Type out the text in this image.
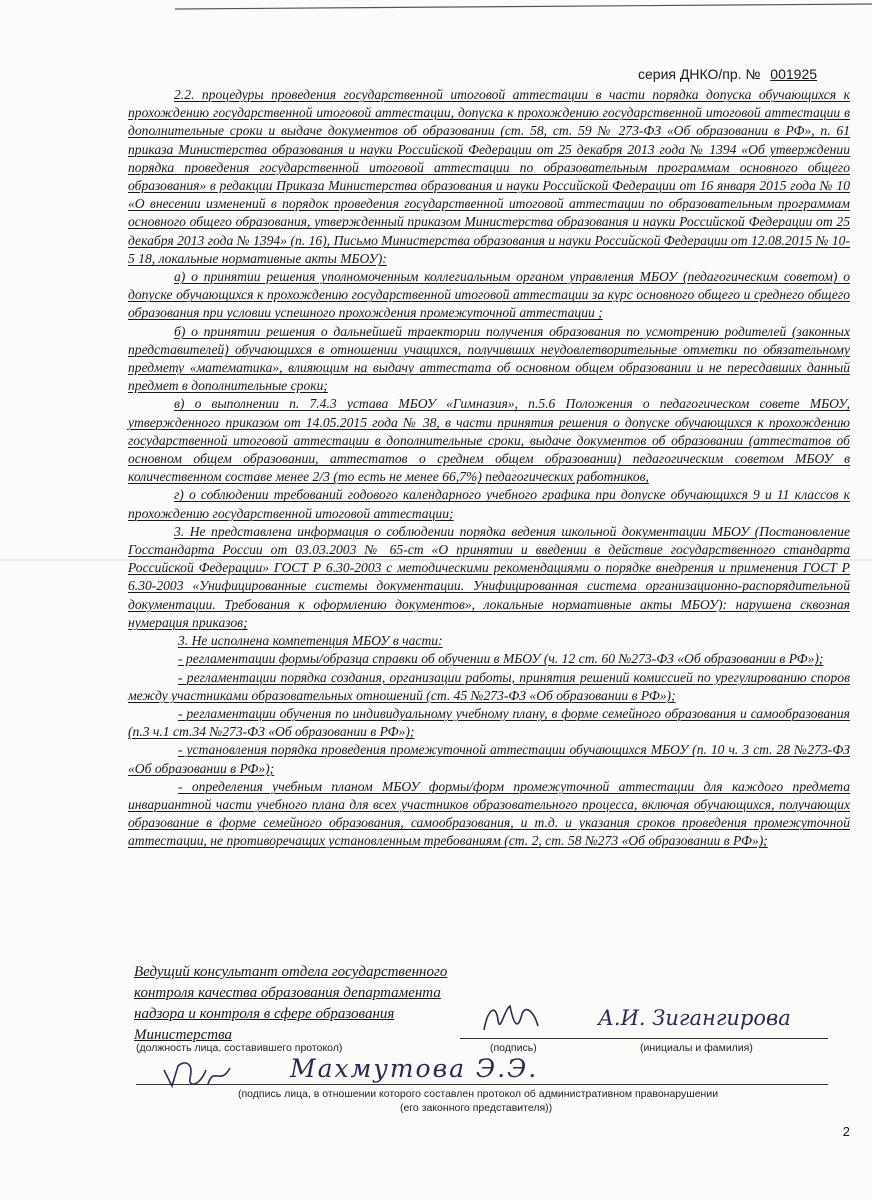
серия ДНКО/пр. № 001925

2.2. процедуры проведения государственной итоговой аттестации в части порядка допуска обучающихся к прохождению государственной итоговой аттестации, допуска к прохождению государственной итоговой аттестации в дополнительные сроки и выдаче документов об образовании (ст. 58, ст. 59 № 273-ФЗ «Об образовании в РФ», п. 61 приказа Министерства образования и науки Российской Федерации от 25 декабря 2013 года № 1394 «Об утверждении порядка проведения государственной итоговой аттестации по образовательным программам основного общего образования» в редакции Приказа Министерства образования и науки Российской Федерации от 16 января 2015 года № 10 «О внесении изменений в порядок проведения государственной итоговой аттестации по образовательным программам основного общего образования, утвержденный приказом Министерства образования и науки Российской Федерации от 25 декабря 2013 года № 1394» (п. 16), Письмо Министерства образования и науки Российской Федерации от 12.08.2015 № 10-5 18, локальные нормативные акты МБОУ):

а) о принятии решения уполномоченным коллегиальным органом управления МБОУ (педагогическим советом) о допуске обучающихся к прохождению государственной итоговой аттестации за курс основного общего и среднего общего образования при условии успешного прохождения промежуточной аттестации ;

б) о принятии решения о дальнейшей траектории получения образования по усмотрению родителей (законных представителей) обучающихся в отношении учащихся, получивших неудовлетворительные отметки по обязательному предмету «математика», влияющим на выдачу аттестата об основном общем образовании и не пересдавших данный предмет в дополнительные сроки;

в) о выполнении п. 7.4.3 устава МБОУ «Гимназия», п.5.6 Положения о педагогическом совете МБОУ, утвержденного приказом от 14.05.2015 года № 38, в части принятия решения о допуске обучающихся к прохождению государственной итоговой аттестации в дополнительные сроки, выдаче документов об образовании (аттестатов об основном общем образовании, аттестатов о среднем общем образовании) педагогическим советом МБОУ в количественном составе менее 2/3 (то есть не менее 66,7%) педагогических работников,

г) о соблюдении требований годового календарного учебного графика при допуске обучающихся 9 и 11 классов к прохождению государственной итоговой аттестации;

3. Не представлена информация о соблюдении порядка ведения школьной документации МБОУ (Постановление Госстандарта России от 03.03.2003 № 65-ст «О принятии и введении в действие государственного стандарта Российской Федерации» ГОСТ Р 6.30-2003 с методическими рекомендациями о порядке внедрения и применения ГОСТ Р 6.30-2003 «Унифицированные системы документации. Унифицированная система организационно-распорядительной документации. Требования к оформлению документов», локальные нормативные акты МБОУ): нарушена сквозная нумерация приказов;

3. Не исполнена компетенция МБОУ в части:

- регламентации формы/образца справки об обучении в МБОУ (ч. 12 ст. 60 №273-ФЗ «Об образовании в РФ»);

- регламентации порядка создания, организации работы, принятия решений комиссией по урегулированию споров между участниками образовательных отношений (ст. 45 №273-ФЗ «Об образовании в РФ»);

- регламентации обучения по индивидуальному учебному плану, в форме семейного образования и самообразования (п.3 ч.1 ст.34 №273-ФЗ «Об образовании в РФ»);

- установления порядка проведения промежуточной аттестации обучающихся МБОУ (п. 10 ч. 3 ст. 28 №273-ФЗ «Об образовании в РФ»);

- определения учебным планом МБОУ формы/форм промежуточной аттестации для каждого предмета инвариантной части учебного плана для всех участников образовательного процесса, включая обучающихся, получающих образование в форме семейного образования, самообразования, и т.д. и указания сроков проведения промежуточной аттестации, не противоречащих установленным требованиям (ст. 2, ст. 58 №273 «Об образовании в РФ»);

Ведущий консультант отдела государственного
контроля качества образования департамента
надзора и контроля в сфере образования
Министерства
А.И. Зигангирова
(должность лица, составившего протокол)	(подпись)	(инициалы и фамилия)
Махмутова Э.Э.
(подпись лица, в отношении которого составлен протокол об административном правонарушении
(его законного представителя))
2
